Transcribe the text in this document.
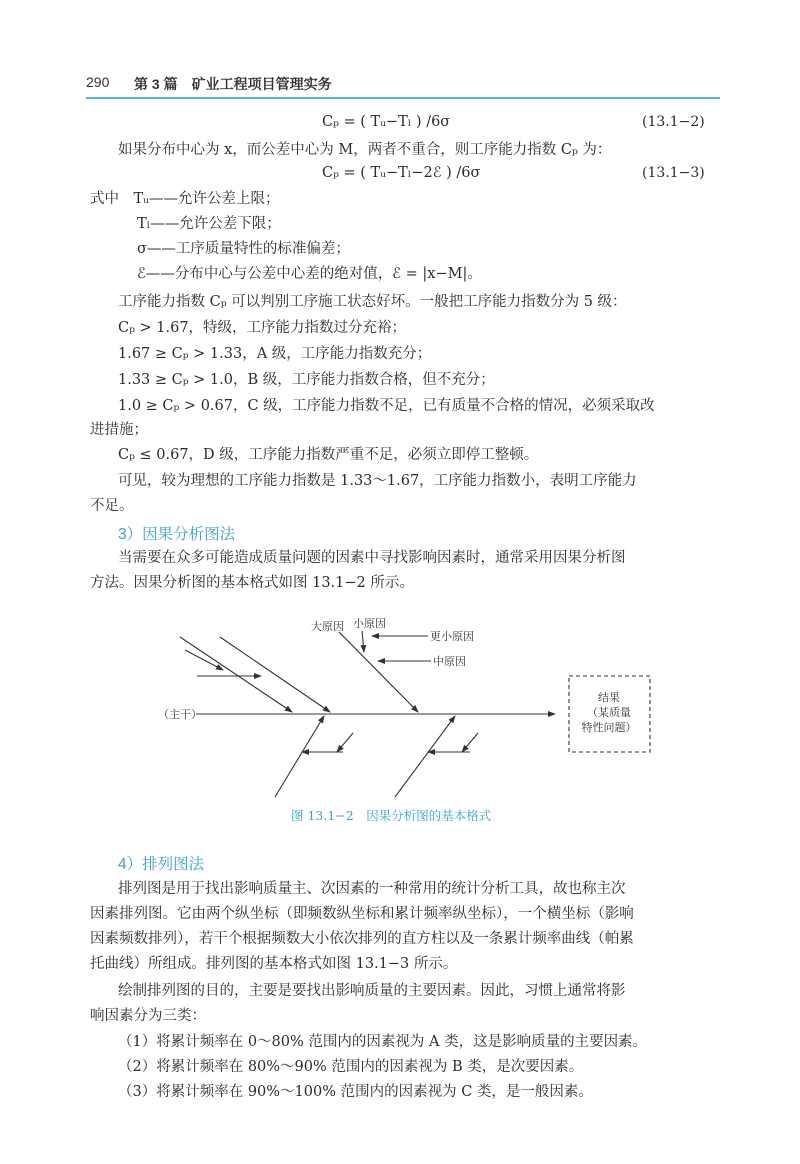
290 第 3 篇　矿业工程项目管理实务
Cₚ = ( Tᵤ−Tₗ ) /6σ	(13.1−2)
如果分布中心为 x，而公差中心为 M，两者不重合，则工序能力指数 Cₚ 为：
Cₚ = ( Tᵤ−Tₗ−2ℰ ) /6σ	(13.1−3)
式中　Tᵤ——允许公差上限；
Tₗ——允许公差下限；
σ——工序质量特性的标准偏差；
ℰ——分布中心与公差中心差的绝对值，ℰ = |x−M|。
工序能力指数 Cₚ 可以判别工序施工状态好坏。一般把工序能力指数分为 5 级：
Cₚ > 1.67，特级，工序能力指数过分充裕；
1.67 ≥ Cₚ > 1.33，A 级，工序能力指数充分；
1.33 ≥ Cₚ > 1.0，B 级，工序能力指数合格，但不充分；
1.0 ≥ Cₚ > 0.67，C 级，工序能力指数不足，已有质量不合格的情况，必须采取改
进措施；
Cₚ ≤ 0.67，D 级，工序能力指数严重不足，必须立即停工整顿。
可见，较为理想的工序能力指数是 1.33～1.67，工序能力指数小，表明工序能力
不足。
3）因果分析图法
当需要在众多可能造成质量问题的因素中寻找影响因素时，通常采用因果分析图
方法。因果分析图的基本格式如图 13.1−2 所示。
大原因 小原因
更小原因
中原因
（主干）
结果
（某质量
特性问题）
图 13.1−2　因果分析图的基本格式
4）排列图法
排列图是用于找出影响质量主、次因素的一种常用的统计分析工具，故也称主次
因素排列图。它由两个纵坐标（即频数纵坐标和累计频率纵坐标），一个横坐标（影响
因素频数排列），若干个根据频数大小依次排列的直方柱以及一条累计频率曲线（帕累
托曲线）所组成。排列图的基本格式如图 13.1−3 所示。
绘制排列图的目的，主要是要找出影响质量的主要因素。因此，习惯上通常将影
响因素分为三类：
（1）将累计频率在 0～80% 范围内的因素视为 A 类，这是影响质量的主要因素。
（2）将累计频率在 80%～90% 范围内的因素视为 B 类，是次要因素。
（3）将累计频率在 90%～100% 范围内的因素视为 C 类，是一般因素。
